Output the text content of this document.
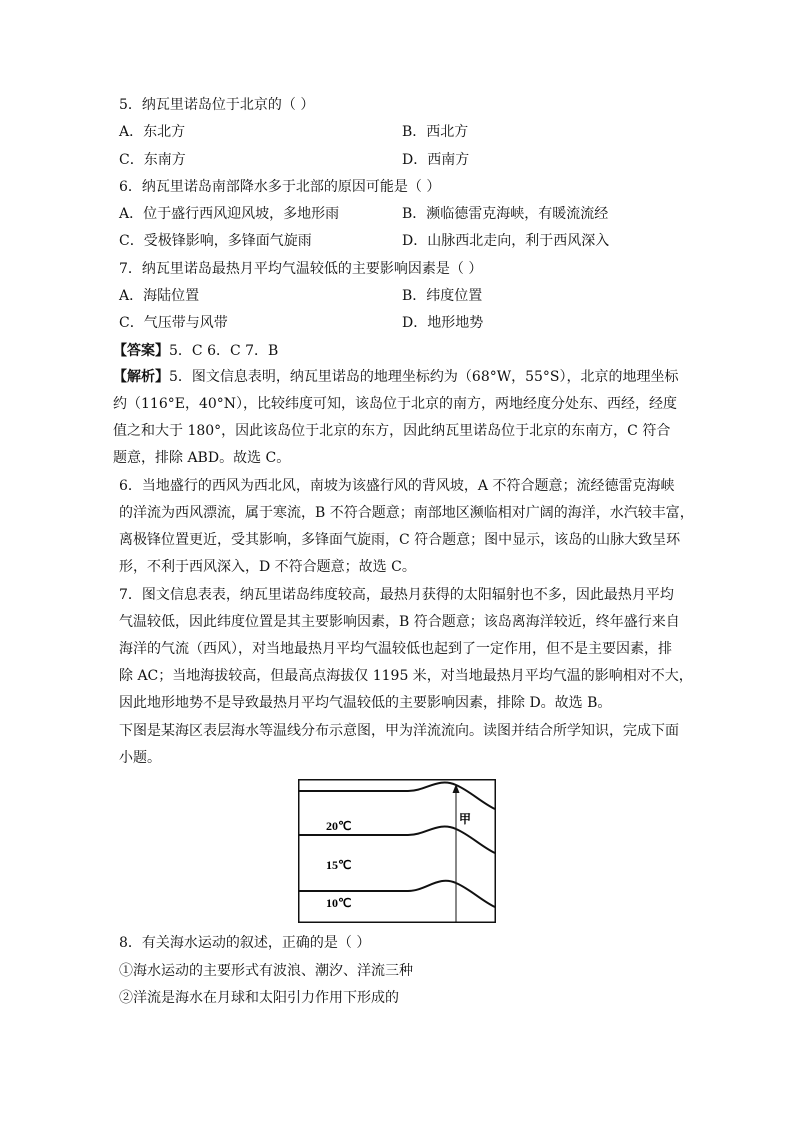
5．纳瓦里诺岛位于北京的（ ）
A．东北方	B．西北方
C．东南方	D．西南方
6．纳瓦里诺岛南部降水多于北部的原因可能是（ ）
A．位于盛行西风迎风坡，多地形雨	B．濒临德雷克海峡，有暖流流经
C．受极锋影响，多锋面气旋雨	D．山脉西北走向，利于西风深入
7．纳瓦里诺岛最热月平均气温较低的主要影响因素是（ ）
A．海陆位置	B．纬度位置
C．气压带与风带	D．地形地势
【答案】5．C 6．C 7．B
【解析】5．图文信息表明，纳瓦里诺岛的地理坐标约为（68°W，55°S），北京的地理坐标
约（116°E，40°N），比较纬度可知，该岛位于北京的南方，两地经度分处东、西经，经度
值之和大于 180°，因此该岛位于北京的东方，因此纳瓦里诺岛位于北京的东南方，C 符合
题意，排除 ABD。故选 C。
6．当地盛行的西风为西北风，南坡为该盛行风的背风坡，A 不符合题意；流经德雷克海峡
的洋流为西风漂流，属于寒流，B 不符合题意；南部地区濒临相对广阔的海洋，水汽较丰富，
离极锋位置更近，受其影响，多锋面气旋雨，C 符合题意；图中显示，该岛的山脉大致呈环
形，不利于西风深入，D 不符合题意；故选 C。
7．图文信息表表，纳瓦里诺岛纬度较高，最热月获得的太阳辐射也不多，因此最热月平均
气温较低，因此纬度位置是其主要影响因素，B 符合题意；该岛离海洋较近，终年盛行来自
海洋的气流（西风），对当地最热月平均气温较低也起到了一定作用，但不是主要因素，排
除 AC；当地海拔较高，但最高点海拔仅 1195 米，对当地最热月平均气温的影响相对不大，
因此地形地势不是导致最热月平均气温较低的主要影响因素，排除 D。故选 B。
下图是某海区表层海水等温线分布示意图，甲为洋流流向。读图并结合所学知识，完成下面
小题。
甲
20℃
15℃
10℃
8．有关海水运动的叙述，正确的是（ ）
①海水运动的主要形式有波浪、潮汐、洋流三种
②洋流是海水在月球和太阳引力作用下形成的
